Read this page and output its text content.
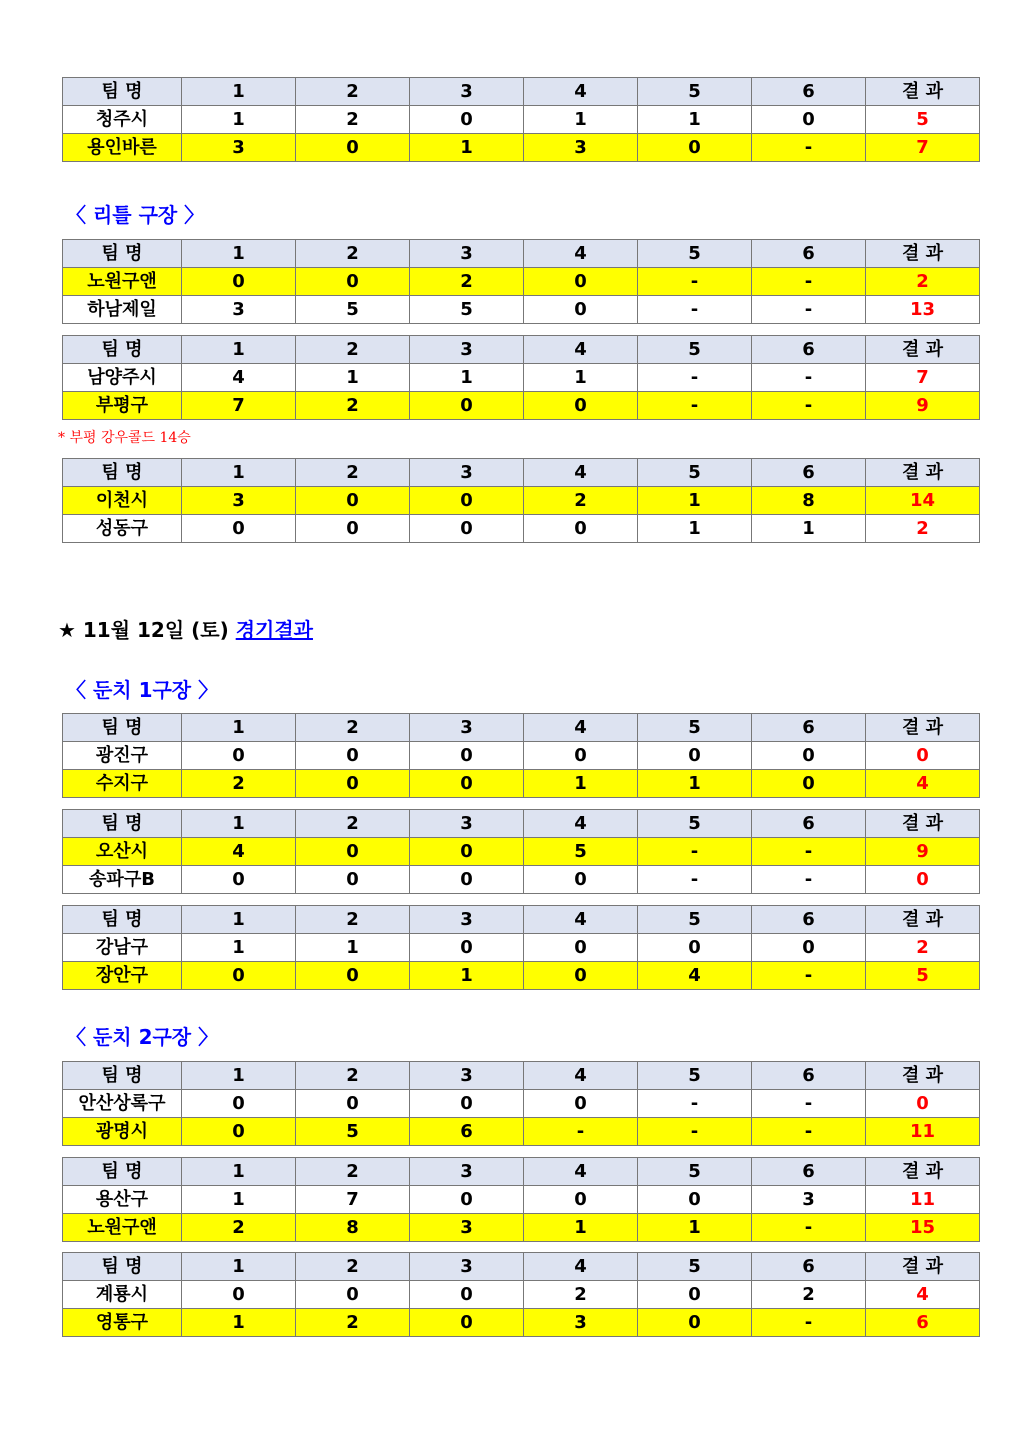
★ 11월 12일 (토) 경기결과
팀 명	1	2	3	4	5	6	결 과
청주시	1	2	0	1	1	0	5
용인바른	3	0	1	3	0	-	7
〈 리틀 구장 〉
팀 명	1	2	3	4	5	6	결 과
노원구앤	0	0	2	0	-	-	2
하남제일	3	5	5	0	-	-	13
팀 명	1	2	3	4	5	6	결 과
남양주시	4	1	1	1	-	-	7
부평구	7	2	0	0	-	-	9
* 부평 강우콜드 14승
팀 명	1	2	3	4	5	6	결 과
이천시	3	0	0	2	1	8	14
성동구	0	0	0	0	1	1	2
〈 둔치 1구장 〉
팀 명	1	2	3	4	5	6	결 과
광진구	0	0	0	0	0	0	0
수지구	2	0	0	1	1	0	4
팀 명	1	2	3	4	5	6	결 과
오산시	4	0	0	5	-	-	9
송파구B	0	0	0	0	-	-	0
팀 명	1	2	3	4	5	6	결 과
강남구	1	1	0	0	0	0	2
장안구	0	0	1	0	4	-	5
〈 둔치 2구장 〉
팀 명	1	2	3	4	5	6	결 과
안산상록구	0	0	0	0	-	-	0
광명시	0	5	6	-	-	-	11
팀 명	1	2	3	4	5	6	결 과
용산구	1	7	0	0	0	3	11
노원구앤	2	8	3	1	1	-	15
팀 명	1	2	3	4	5	6	결 과
계룡시	0	0	0	2	0	2	4
영통구	1	2	0	3	0	-	6
